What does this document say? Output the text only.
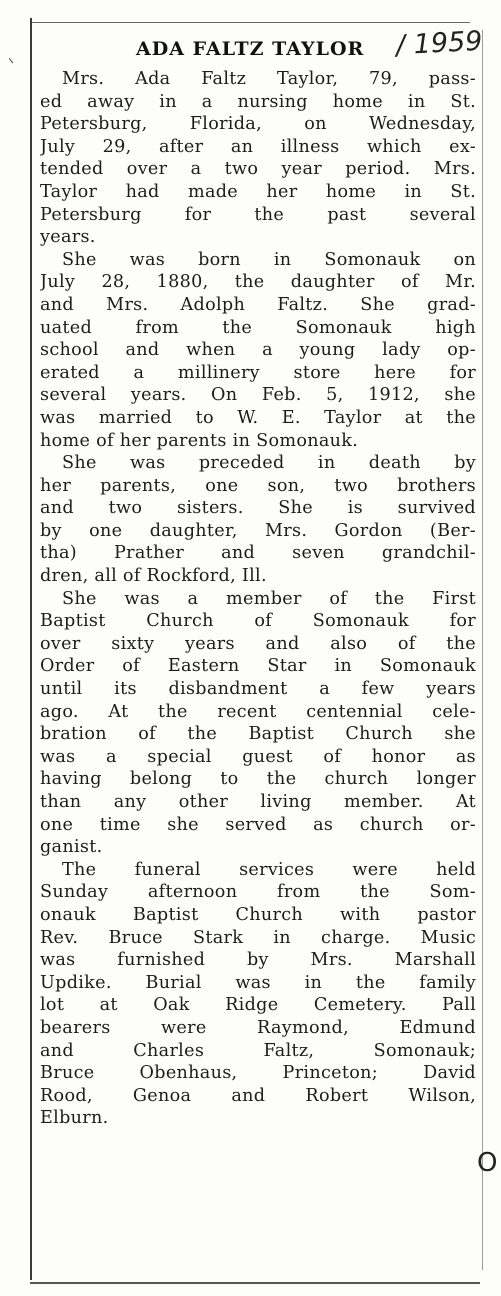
ADA FALTZ TAYLOR / 1959
Mrs. Ada Faltz Taylor, 79, pass-
ed away in a nursing home in St.
Petersburg, Florida, on Wednesday,
July 29, after an illness which ex-
tended over a two year period. Mrs.
Taylor had made her home in St.
Petersburg for the past several
years.
She was born in Somonauk on
July 28, 1880, the daughter of Mr.
and Mrs. Adolph Faltz. She grad-
uated from the Somonauk high
school and when a young lady op-
erated a millinery store here for
several years. On Feb. 5, 1912, she
was married to W. E. Taylor at the
home of her parents in Somonauk.
She was preceded in death by
her parents, one son, two brothers
and two sisters. She is survived
by one daughter, Mrs. Gordon (Ber-
tha) Prather and seven grandchil-
dren, all of Rockford, Ill.
She was a member of the First
Baptist Church of Somonauk for
over sixty years and also of the
Order of Eastern Star in Somonauk
until its disbandment a few years
ago. At the recent centennial cele-
bration of the Baptist Church she
was a special guest of honor as
having belong to the church longer
than any other living member. At
one time she served as church or-
ganist.
The funeral services were held
Sunday afternoon from the Som-
onauk Baptist Church with pastor
Rev. Bruce Stark in charge. Music
was furnished by Mrs. Marshall
Updike. Burial was in the family
lot at Oak Ridge Cemetery. Pall
bearers were Raymond, Edmund
and Charles Faltz, Somonauk;
Bruce Obenhaus, Princeton; David
Rood, Genoa and Robert Wilson,
Elburn.
O
